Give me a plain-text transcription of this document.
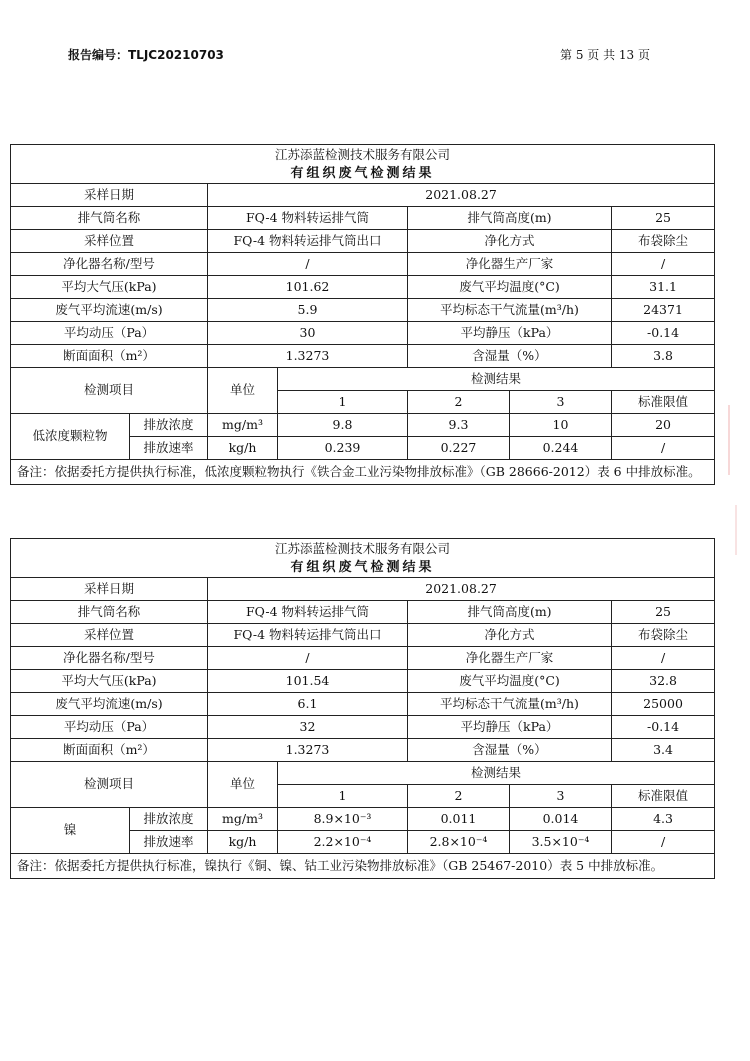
报告编号：TLJC20210703	第 5 页 共 13 页
江苏添蓝检测技术服务有限公司						
有组织废气检测结果						
采样日期		2021.08.27				
排气筒名称		FQ-4 物料转运排气筒		排气筒高度(m)		25
采样位置		FQ-4 物料转运排气筒出口		净化方式		布袋除尘
净化器名称/型号		/		净化器生产厂家		/
平均大气压(kPa)		101.62		废气平均温度(°C)		31.1
废气平均流速(m/s)		5.9		平均标态干气流量(m³/h)		24371
平均动压（Pa）		30		平均静压（kPa）		-0.14
断面面积（m²）		1.3273		含湿量（%）		3.8
检测项目		单位	检测结果			
			1	2	3	标准限值
低浓度颗粒物	排放浓度	mg/m³	9.8	9.3	10	20
	排放速率	kg/h	0.239	0.227	0.244	/
备注：依据委托方提供执行标准，低浓度颗粒物执行《铁合金工业污染物排放标准》（GB 28666-2012）表 6 中排放标准。						
江苏添蓝检测技术服务有限公司						
有组织废气检测结果						
采样日期		2021.08.27				
排气筒名称		FQ-4 物料转运排气筒		排气筒高度(m)		25
采样位置		FQ-4 物料转运排气筒出口		净化方式		布袋除尘
净化器名称/型号		/		净化器生产厂家		/
平均大气压(kPa)		101.54		废气平均温度(°C)		32.8
废气平均流速(m/s)		6.1		平均标态干气流量(m³/h)		25000
平均动压（Pa）		32		平均静压（kPa）		-0.14
断面面积（m²）		1.3273		含湿量（%）		3.4
检测项目		单位	检测结果			
			1	2	3	标准限值
镍	排放浓度	mg/m³	8.9×10⁻³	0.011	0.014	4.3
	排放速率	kg/h	2.2×10⁻⁴	2.8×10⁻⁴	3.5×10⁻⁴	/
备注：依据委托方提供执行标准，镍执行《铜、镍、钴工业污染物排放标准》（GB 25467-2010）表 5 中排放标准。						
